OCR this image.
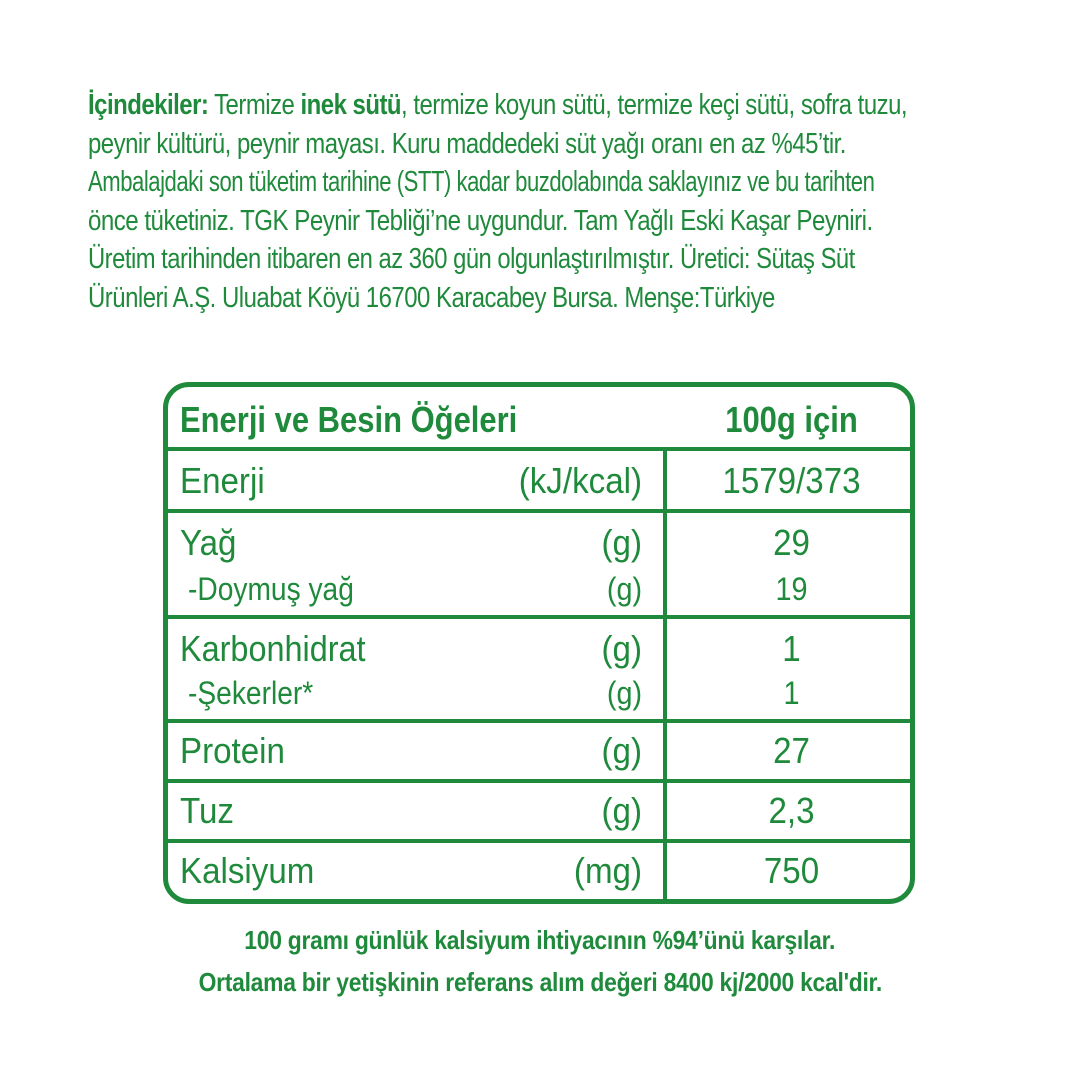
İçindekiler: Termize inek sütü, termize koyun sütü, termize keçi sütü, sofra tuzu,
peynir kültürü, peynir mayası. Kuru maddedeki süt yağı oranı en az %45’tir.
Ambalajdaki son tüketim tarihine (STT) kadar buzdolabında saklayınız ve bu tarihten
önce tüketiniz. TGK Peynir Tebliği’ne uygundur. Tam Yağlı Eski Kaşar Peyniri.
Üretim tarihinden itibaren en az 360 gün olgunlaştırılmıştır. Üretici: Sütaş Süt
Ürünleri A.Ş. Uluabat Köyü 16700 Karacabey Bursa. Menşe:Türkiye
Enerji ve Besin Öğeleri	100g için
Enerji	(kJ/kcal)	1579/373
Yağ	(g)	29
-Doymuş yağ	(g)	19
Karbonhidrat	(g)	1
-Şekerler*	(g)	1
Protein	(g)	27
Tuz	(g)	2,3
Kalsiyum	(mg)	750
100 gramı günlük kalsiyum ihtiyacının %94’ünü karşılar.
Ortalama bir yetişkinin referans alım değeri 8400 kj/2000 kcal'dir.
